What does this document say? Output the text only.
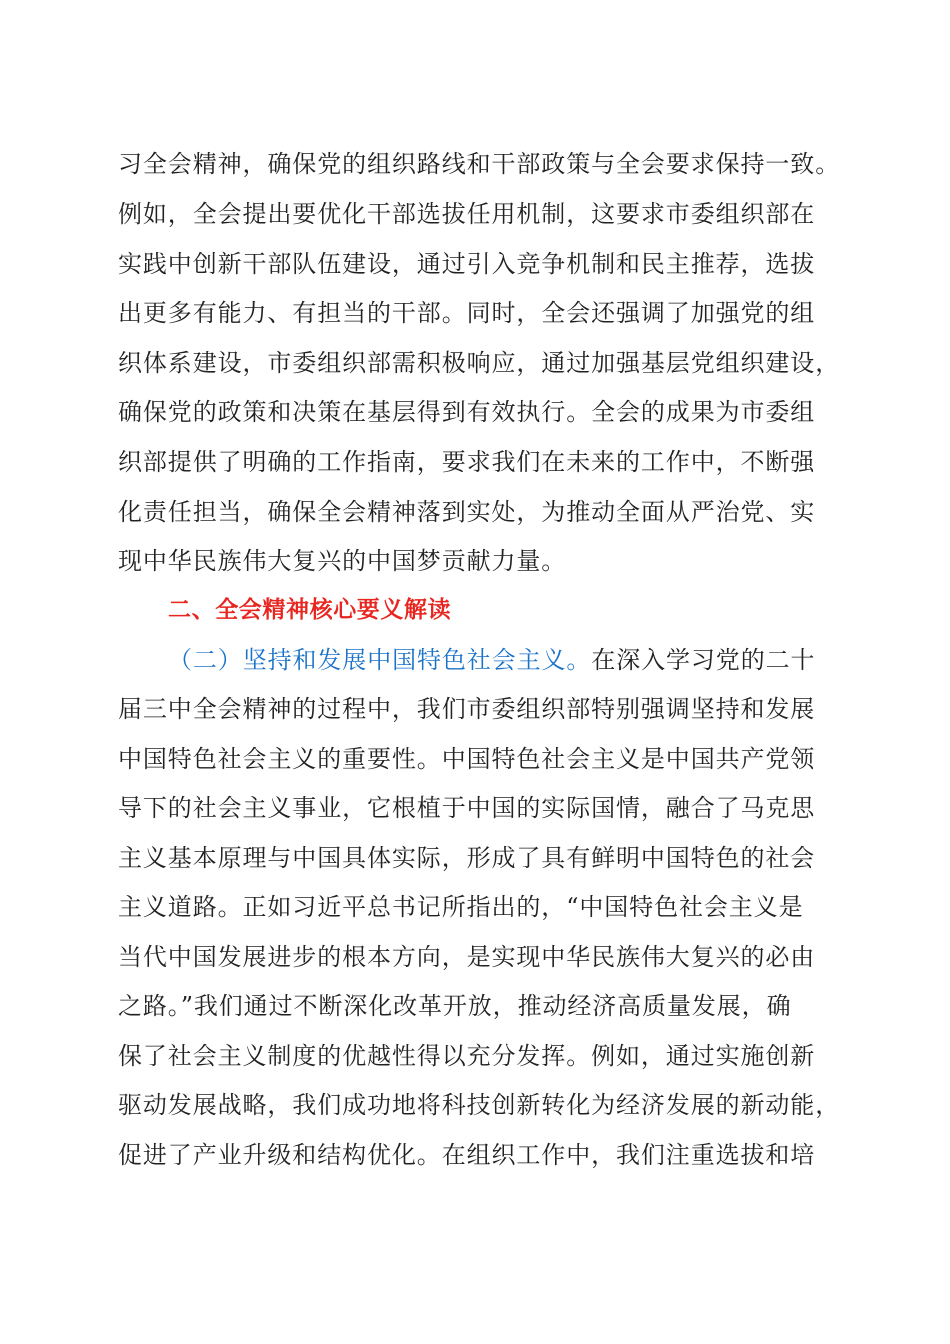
习全会精神，确保党的组织路线和干部政策与全会要求保持一致。
例如，全会提出要优化干部选拔任用机制，这要求市委组织部在
实践中创新干部队伍建设，通过引入竞争机制和民主推荐，选拔
出更多有能力、有担当的干部。同时，全会还强调了加强党的组
织体系建设，市委组织部需积极响应，通过加强基层党组织建设，
确保党的政策和决策在基层得到有效执行。全会的成果为市委组
织部提供了明确的工作指南，要求我们在未来的工作中，不断强
化责任担当，确保全会精神落到实处，为推动全面从严治党、实
现中华民族伟大复兴的中国梦贡献力量。
二、全会精神核心要义解读
（二）坚持和发展中国特色社会主义。在深入学习党的二十
届三中全会精神的过程中，我们市委组织部特别强调坚持和发展
中国特色社会主义的重要性。中国特色社会主义是中国共产党领
导下的社会主义事业，它根植于中国的实际国情，融合了马克思
主义基本原理与中国具体实际，形成了具有鲜明中国特色的社会
主义道路。正如习近平总书记所指出的，“中国特色社会主义是
当代中国发展进步的根本方向，是实现中华民族伟大复兴的必由
之路。”我们通过不断深化改革开放，推动经济高质量发展，确
保了社会主义制度的优越性得以充分发挥。例如，通过实施创新
驱动发展战略，我们成功地将科技创新转化为经济发展的新动能，
促进了产业升级和结构优化。在组织工作中，我们注重选拔和培
